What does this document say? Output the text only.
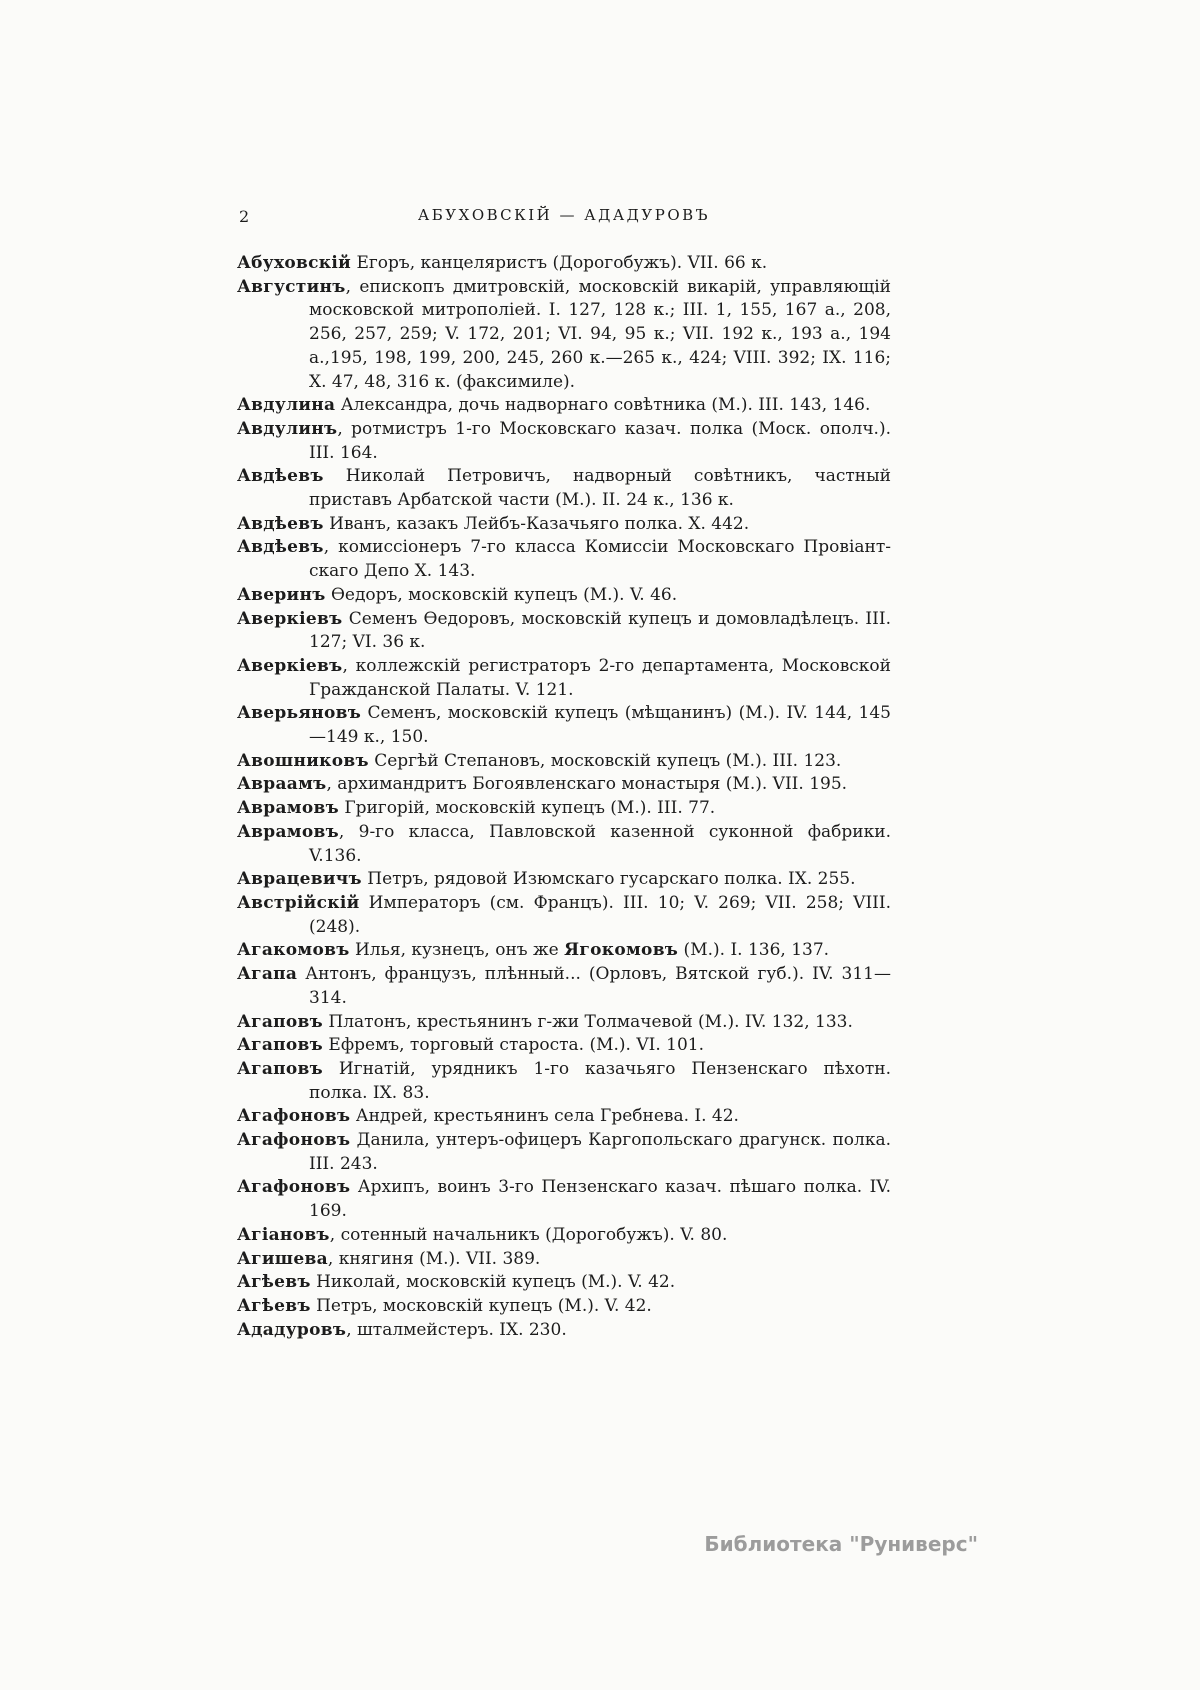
2	АБУХОВСКІЙ — АДАДУРОВЪ
Абуховскій Егоръ, канцеляристъ (Дорогобужъ). VII. 66 к.
Августинъ, епископъ дмитровскій, московскій викарій, управляющій московской митрополіей. I. 127, 128 к.; III. 1, 155, 167 а., 208, 256, 257, 259; V. 172, 201; VI. 94, 95 к.; VII. 192 к., 193 а., 194 а.,195, 198, 199, 200, 245, 260 к.—265 к., 424; VIII. 392; IX. 116; X. 47, 48, 316 к. (факсимиле).
Авдулина Александра, дочь надворнаго совѣтника (М.). III. 143, 146.
Авдулинъ, ротмистръ 1-го Московскаго казач. полка (Моск. ополч.). III. 164.
Авдѣевъ Николай Петровичъ, надворный совѣтникъ, частный приставъ Арбатской части (М.). II. 24 к., 136 к.
Авдѣевъ Иванъ, казакъ Лейбъ-Казачьяго полка. X. 442.
Авдѣевъ, комиссіонеръ 7-го класса Комиссіи Московскаго Провіантскаго Депо X. 143.
Аверинъ Ѳедоръ, московскій купецъ (М.). V. 46.
Аверкіевъ Семенъ Ѳедоровъ, московскій купецъ и домовладѣлецъ. III. 127; VI. 36 к.
Аверкіевъ, коллежскій регистраторъ 2-го департамента, Московской Гражданской Палаты. V. 121.
Аверьяновъ Семенъ, московскій купецъ (мѣщанинъ) (М.). IV. 144, 145—149 к., 150.
Авошниковъ Сергѣй Степановъ, московскій купецъ (М.). III. 123.
Авраамъ, архимандритъ Богоявленскаго монастыря (М.). VII. 195.
Аврамовъ Григорій, московскій купецъ (М.). III. 77.
Аврамовъ, 9-го класса, Павловской казенной суконной фабрики. V.136.
Аврацевичъ Петръ, рядовой Изюмскаго гусарскаго полка. IX. 255.
Австрійскій Императоръ (см. Францъ). III. 10; V. 269; VII. 258; VIII. (248).
Агакомовъ Илья, кузнецъ, онъ же Ягокомовъ (М.). I. 136, 137.
Агапа Антонъ, французъ, плѣнный... (Орловъ, Вятской губ.). IV. 311—314.
Агаповъ Платонъ, крестьянинъ г-жи Толмачевой (М.). IV. 132, 133.
Агаповъ Ефремъ, торговый староста. (М.). VI. 101.
Агаповъ Игнатій, урядникъ 1-го казачьяго Пензенскаго пѣхотн. полка. IX. 83.
Агафоновъ Андрей, крестьянинъ села Гребнева. I. 42.
Агафоновъ Данила, унтеръ-офицеръ Каргопольскаго драгунск. полка. III. 243.
Агафоновъ Архипъ, воинъ 3-го Пензенскаго казач. пѣшаго полка. IV. 169.
Агіановъ, сотенный начальникъ (Дорогобужъ). V. 80.
Агишева, княгиня (М.). VII. 389.
Агѣевъ Николай, московскій купецъ (М.). V. 42.
Агѣевъ Петръ, московскій купецъ (М.). V. 42.
Ададуровъ, шталмейстеръ. IX. 230.
Библиотека "Руниверс"
